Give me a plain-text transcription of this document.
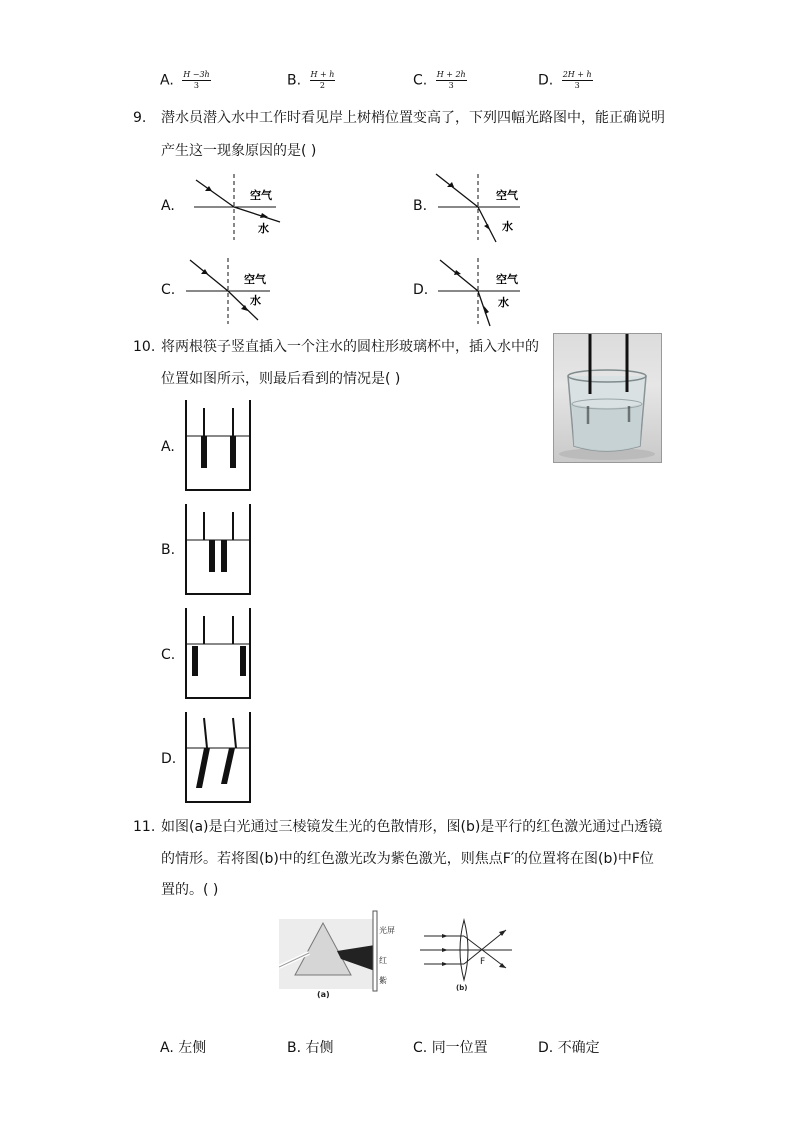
A. $\frac{H -3h}{3}$	B. $\frac{H + h}{2}$	C. $\frac{H + 2h}{3}$	D. $\frac{2H + h}{3}$
9. 潜水员潜入水中工作时看见岸上树梢位置变高了，下列四幅光路图中，能正确说明
产生这一现象原因的是( )
A.
空气
水
B.
空气
水
C.
空气
水
D.
空气
水
10. 将两根筷子竖直插入一个注水的圆柱形玻璃杯中，插入水中的
位置如图所示，则最后看到的情况是( )
A.
B.
C.
D.
11. 如图(a)是白光通过三棱镜发生光的色散情形，图(b)是平行的红色激光通过凸透镜
的情形。若将图(b)中的红色激光改为紫色激光，则焦点F′的位置将在图(b)中F位
置的。( )
光屏
红
紫
(a)
F
(b)
A. 左侧	B. 右侧	C. 同一位置	D. 不确定
